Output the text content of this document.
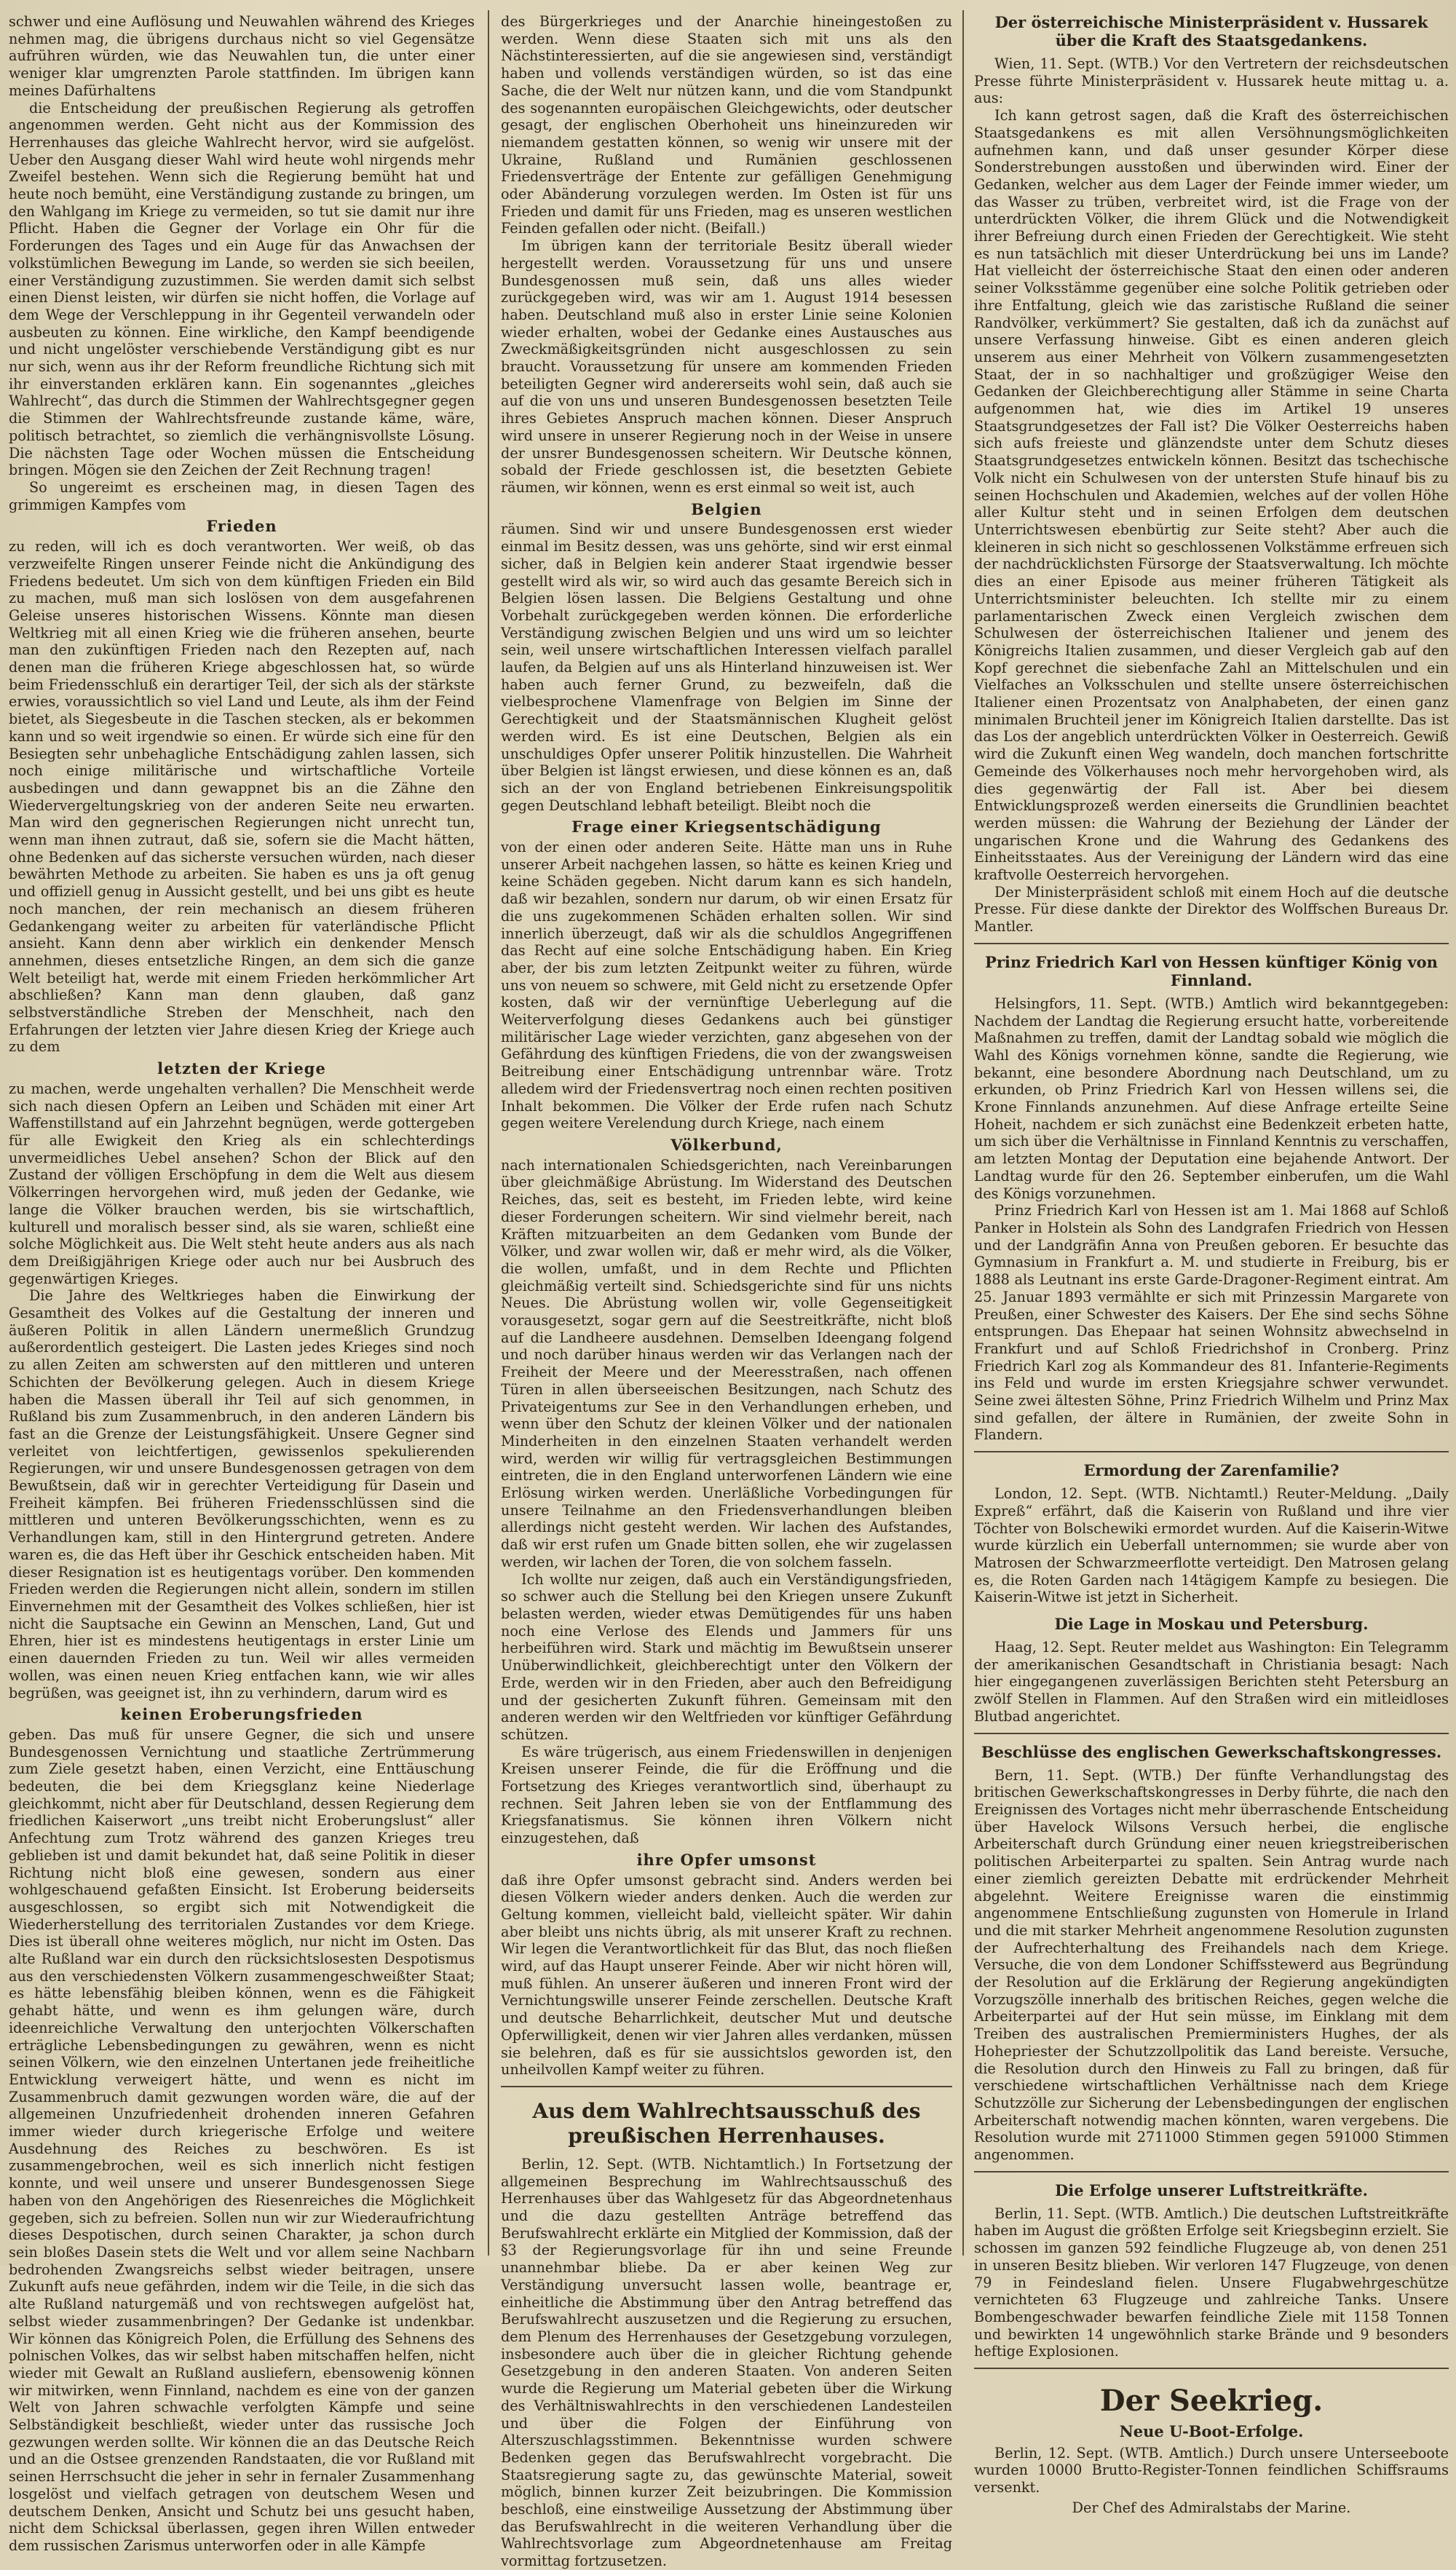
schwer und eine Auflösung und Neuwahlen während des Krieges nehmen mag, die übrigens durchaus nicht so viel Gegensätze aufrühren würden, wie das Neuwahlen tun, die unter einer weniger klar umgrenzten Parole stattfinden. Im übrigen kann meines Dafürhaltens

die Entscheidung der preußischen Regierung als getroffen angenommen werden. Geht nicht aus der Kommission des Herrenhauses das gleiche Wahlrecht hervor, wird sie aufgelöst. Ueber den Ausgang dieser Wahl wird heute wohl nirgends mehr Zweifel bestehen. Wenn sich die Regierung bemüht hat und heute noch bemüht, eine Verständigung zustande zu bringen, um den Wahlgang im Kriege zu vermeiden, so tut sie damit nur ihre Pflicht. Haben die Gegner der Vorlage ein Ohr für die Forderungen des Tages und ein Auge für das Anwachsen der volkstümlichen Bewegung im Lande, so werden sie sich beeilen, einer Verständigung zuzustimmen. Sie werden damit sich selbst einen Dienst leisten, wir dürfen sie nicht hoffen, die Vorlage auf dem Wege der Verschleppung in ihr Gegenteil verwandeln oder ausbeuten zu können. Eine wirkliche, den Kampf beendigende und nicht ungelöster verschiebende Verständigung gibt es nur nur sich, wenn aus ihr der Reform freundliche Richtung sich mit ihr einverstanden erklären kann. Ein sogenanntes „gleiches Wahlrecht“, das durch die Stimmen der Wahlrechtsgegner gegen die Stimmen der Wahlrechtsfreunde zustande käme, wäre, politisch betrachtet, so ziemlich die verhängnisvollste Lösung. Die nächsten Tage oder Wochen müssen die Entscheidung bringen. Mögen sie den Zeichen der Zeit Rechnung tragen!

So ungereimt es erscheinen mag, in diesen Tagen des grimmigen Kampfes vom

Frieden

zu reden, will ich es doch verantworten. Wer weiß, ob das verzweifelte Ringen unserer Feinde nicht die Ankündigung des Friedens bedeutet. Um sich von dem künftigen Frieden ein Bild zu machen, muß man sich loslösen von dem ausgefahrenen Geleise unseres historischen Wissens. Könnte man diesen Weltkrieg mit all einen Krieg wie die früheren ansehen, beurte man den zukünftigen Frieden nach den Rezepten auf, nach denen man die früheren Kriege abgeschlossen hat, so würde beim Friedensschluß ein derartiger Teil, der sich als der stärkste erwies, voraussichtlich so viel Land und Leute, als ihm der Feind bietet, als Siegesbeute in die Taschen stecken, als er bekommen kann und so weit irgendwie so einen. Er würde sich eine für den Besiegten sehr unbehagliche Entschädigung zahlen lassen, sich noch einige militärische und wirtschaftliche Vorteile ausbedingen und dann gewappnet bis an die Zähne den Wiedervergeltungskrieg von der anderen Seite neu erwarten. Man wird den gegnerischen Regierungen nicht unrecht tun, wenn man ihnen zutraut, daß sie, sofern sie die Macht hätten, ohne Bedenken auf das sicherste versuchen würden, nach dieser bewährten Methode zu arbeiten. Sie haben es uns ja oft genug und offiziell genug in Aussicht gestellt, und bei uns gibt es heute noch manchen, der rein mechanisch an diesem früheren Gedankengang weiter zu arbeiten für vaterländische Pflicht ansieht. Kann denn aber wirklich ein denkender Mensch annehmen, dieses entsetzliche Ringen, an dem sich die ganze Welt beteiligt hat, werde mit einem Frieden herkömmlicher Art abschließen? Kann man denn glauben, daß ganz selbstverständliche Streben der Menschheit, nach den Erfahrungen der letzten vier Jahre diesen Krieg der Kriege auch zu dem

letzten der Kriege

zu machen, werde ungehalten verhallen? Die Menschheit werde sich nach diesen Opfern an Leiben und Schäden mit einer Art Waffenstillstand auf ein Jahrzehnt begnügen, werde gottergeben für alle Ewigkeit den Krieg als ein schlechterdings unvermeidliches Uebel ansehen? Schon der Blick auf den Zustand der völligen Erschöpfung in dem die Welt aus diesem Völkerringen hervorgehen wird, muß jeden der Gedanke, wie lange die Völker brauchen werden, bis sie wirtschaftlich, kulturell und moralisch besser sind, als sie waren, schließt eine solche Möglichkeit aus. Die Welt steht heute anders aus als nach dem Dreißigjährigen Kriege oder auch nur bei Ausbruch des gegenwärtigen Krieges.

Die Jahre des Weltkrieges haben die Einwirkung der Gesamtheit des Volkes auf die Gestaltung der inneren und äußeren Politik in allen Ländern unermeßlich Grundzug außerordentlich gesteigert. Die Lasten jedes Krieges sind noch zu allen Zeiten am schwersten auf den mittleren und unteren Schichten der Bevölkerung gelegen. Auch in diesem Kriege haben die Massen überall ihr Teil auf sich genommen, in Rußland bis zum Zusammenbruch, in den anderen Ländern bis fast an die Grenze der Leistungsfähigkeit. Unsere Gegner sind verleitet von leichtfertigen, gewissenlos spekulierenden Regierungen, wir und unsere Bundesgenossen getragen von dem Bewußtsein, daß wir in gerechter Verteidigung für Dasein und Freiheit kämpfen. Bei früheren Friedensschlüssen sind die mittleren und unteren Bevölkerungsschichten, wenn es zu Verhandlungen kam, still in den Hintergrund getreten. Andere waren es, die das Heft über ihr Geschick entscheiden haben. Mit dieser Resignation ist es heutigentags vorüber. Den kommenden Frieden werden die Regierungen nicht allein, sondern im stillen Einvernehmen mit der Gesamtheit des Volkes schließen, hier ist nicht die Sauptsache ein Gewinn an Menschen, Land, Gut und Ehren, hier ist es mindestens heutigentags in erster Linie um einen dauernden Frieden zu tun. Weil wir alles vermeiden wollen, was einen neuen Krieg entfachen kann, wie wir alles begrüßen, was geeignet ist, ihn zu verhindern, darum wird es

keinen Eroberungsfrieden

geben. Das muß für unsere Gegner, die sich und unsere Bundesgenossen Vernichtung und staatliche Zertrümmerung zum Ziele gesetzt haben, einen Verzicht, eine Enttäuschung bedeuten, die bei dem Kriegsglanz keine Niederlage gleichkommt, nicht aber für Deutschland, dessen Regierung dem friedlichen Kaiserwort „uns treibt nicht Eroberungslust“ aller Anfechtung zum Trotz während des ganzen Krieges treu geblieben ist und damit bekundet hat, daß seine Politik in dieser Richtung nicht bloß eine gewesen, sondern aus einer wohlgeschauend gefaßten Einsicht. Ist Eroberung beiderseits ausgeschlossen, so ergibt sich mit Notwendigkeit die Wiederherstellung des territorialen Zustandes vor dem Kriege. Dies ist überall ohne weiteres möglich, nur nicht im Osten. Das alte Rußland war ein durch den rücksichtslosesten Despotismus aus den verschiedensten Völkern zusammengeschweißter Staat; es hätte lebensfähig bleiben können, wenn es die Fähigkeit gehabt hätte, und wenn es ihm gelungen wäre, durch ideenreichliche Verwaltung den unterjochten Völkerschaften erträgliche Lebensbedingungen zu gewähren, wenn es nicht seinen Völkern, wie den einzelnen Untertanen jede freiheitliche Entwicklung verweigert hätte, und wenn es nicht im Zusammenbruch damit gezwungen worden wäre, die auf der allgemeinen Unzufriedenheit drohenden inneren Gefahren immer wieder durch kriegerische Erfolge und weitere Ausdehnung des Reiches zu beschwören. Es ist zusammengebrochen, weil es sich innerlich nicht festigen konnte, und weil unsere und unserer Bundesgenossen Siege haben von den Angehörigen des Riesenreiches die Möglichkeit gegeben, sich zu befreien. Sollen nun wir zur Wiederaufrichtung dieses Despotischen, durch seinen Charakter, ja schon durch sein bloßes Dasein stets die Welt und vor allem seine Nachbarn bedrohenden Zwangsreichs selbst wieder beitragen, unsere Zukunft aufs neue gefährden, indem wir die Teile, in die sich das alte Rußland naturgemäß und von rechtswegen aufgelöst hat, selbst wieder zusammenbringen? Der Gedanke ist undenkbar. Wir können das Königreich Polen, die Erfüllung des Sehnens des polnischen Volkes, das wir selbst haben mitschaffen helfen, nicht wieder mit Gewalt an Rußland ausliefern, ebensowenig können wir mitwirken, wenn Finnland, nachdem es eine von der ganzen Welt von Jahren schwachle verfolgten Kämpfe und seine Selbständigkeit beschließt, wieder unter das russische Joch gezwungen werden sollte. Wir können die an das Deutsche Reich und an die Ostsee grenzenden Randstaaten, die vor Rußland mit seinen Herrschsucht die jeher in sehr in fernaler Zusammenhang losgelöst und vielfach getragen von deutschem Wesen und deutschem Denken, Ansicht und Schutz bei uns gesucht haben, nicht dem Schicksal überlassen, gegen ihren Willen entweder dem russischen Zarismus unterworfen oder in alle Kämpfe

des Bürgerkrieges und der Anarchie hineingestoßen zu werden. Wenn diese Staaten sich mit uns als den Nächstinteressierten, auf die sie angewiesen sind, verständigt haben und vollends verständigen würden, so ist das eine Sache, die der Welt nur nützen kann, und die vom Standpunkt des sogenannten europäischen Gleichgewichts, oder deutscher gesagt, der englischen Oberhoheit uns hineinzureden wir niemandem gestatten können, so wenig wir unsere mit der Ukraine, Rußland und Rumänien geschlossenen Friedensverträge der Entente zur gefälligen Genehmigung oder Abänderung vorzulegen werden. Im Osten ist für uns Frieden und damit für uns Frieden, mag es unseren westlichen Feinden gefallen oder nicht. (Beifall.)

Im übrigen kann der territoriale Besitz überall wieder hergestellt werden. Voraussetzung für uns und unsere Bundesgenossen muß sein, daß uns alles wieder zurückgegeben wird, was wir am 1. August 1914 besessen haben. Deutschland muß also in erster Linie seine Kolonien wieder erhalten, wobei der Gedanke eines Austausches aus Zweckmäßigkeitsgründen nicht ausgeschlossen zu sein braucht. Voraussetzung für unsere am kommenden Frieden beteiligten Gegner wird andererseits wohl sein, daß auch sie auf die von uns und unseren Bundesgenossen besetzten Teile ihres Gebietes Anspruch machen können. Dieser Anspruch wird unsere in unserer Regierung noch in der Weise in unsere der unsrer Bundesgenossen scheitern. Wir Deutsche können, sobald der Friede geschlossen ist, die besetzten Gebiete räumen, wir können, wenn es erst einmal so weit ist, auch

Belgien

räumen. Sind wir und unsere Bundesgenossen erst wieder einmal im Besitz dessen, was uns gehörte, sind wir erst einmal sicher, daß in Belgien kein anderer Staat irgendwie besser gestellt wird als wir, so wird auch das gesamte Bereich sich in Belgien lösen lassen. Die Belgiens Gestaltung und ohne Vorbehalt zurückgegeben werden können. Die erforderliche Verständigung zwischen Belgien und uns wird um so leichter sein, weil unsere wirtschaftlichen Interessen vielfach parallel laufen, da Belgien auf uns als Hinterland hinzuweisen ist. Wer haben auch ferner Grund, zu bezweifeln, daß die vielbesprochene Vlamenfrage von Belgien im Sinne der Gerechtigkeit und der Staatsmännischen Klugheit gelöst werden wird. Es ist eine Deutschen, Belgien als ein unschuldiges Opfer unserer Politik hinzustellen. Die Wahrheit über Belgien ist längst erwiesen, und diese können es an, daß sich an der von England betriebenen Einkreisungspolitik gegen Deutschland lebhaft beteiligt. Bleibt noch die

Frage einer Kriegsentschädigung

von der einen oder anderen Seite. Hätte man uns in Ruhe unserer Arbeit nachgehen lassen, so hätte es keinen Krieg und keine Schäden gegeben. Nicht darum kann es sich handeln, daß wir bezahlen, sondern nur darum, ob wir einen Ersatz für die uns zugekommenen Schäden erhalten sollen. Wir sind innerlich überzeugt, daß wir als die schuldlos Angegriffenen das Recht auf eine solche Entschädigung haben. Ein Krieg aber, der bis zum letzten Zeitpunkt weiter zu führen, würde uns von neuem so schwere, mit Geld nicht zu ersetzende Opfer kosten, daß wir der vernünftige Ueberlegung auf die Weiterverfolgung dieses Gedankens auch bei günstiger militärischer Lage wieder verzichten, ganz abgesehen von der Gefährdung des künftigen Friedens, die von der zwangsweisen Beitreibung einer Entschädigung untrennbar wäre. Trotz alledem wird der Friedensvertrag noch einen rechten positiven Inhalt bekommen. Die Völker der Erde rufen nach Schutz gegen weitere Verelendung durch Kriege, nach einem

Völkerbund,

nach internationalen Schiedsgerichten, nach Vereinbarungen über gleichmäßige Abrüstung. Im Widerstand des Deutschen Reiches, das, seit es besteht, im Frieden lebte, wird keine dieser Forderungen scheitern. Wir sind vielmehr bereit, nach Kräften mitzuarbeiten an dem Gedanken vom Bunde der Völker, und zwar wollen wir, daß er mehr wird, als die Völker, die wollen, umfaßt, und in dem Rechte und Pflichten gleichmäßig verteilt sind. Schiedsgerichte sind für uns nichts Neues. Die Abrüstung wollen wir, volle Gegenseitigkeit vorausgesetzt, sogar gern auf die Seestreitkräfte, nicht bloß auf die Landheere ausdehnen. Demselben Ideengang folgend und noch darüber hinaus werden wir das Verlangen nach der Freiheit der Meere und der Meeresstraßen, nach offenen Türen in allen überseeischen Besitzungen, nach Schutz des Privateigentums zur See in den Verhandlungen erheben, und wenn über den Schutz der kleinen Völker und der nationalen Minderheiten in den einzelnen Staaten verhandelt werden wird, werden wir willig für vertragsgleichen Bestimmungen eintreten, die in den England unterworfenen Ländern wie eine Erlösung wirken werden. Unerläßliche Vorbedingungen für unsere Teilnahme an den Friedensverhandlungen bleiben allerdings nicht gesteht werden. Wir lachen des Aufstandes, daß wir erst rufen um Gnade bitten sollen, ehe wir zugelassen werden, wir lachen der Toren, die von solchem fasseln.

Ich wollte nur zeigen, daß auch ein Verständigungsfrieden, so schwer auch die Stellung bei den Kriegen unsere Zukunft belasten werden, wieder etwas Demütigendes für uns haben noch eine Verlose des Elends und Jammers für uns herbeiführen wird. Stark und mächtig im Bewußtsein unserer Unüberwindlichkeit, gleichberechtigt unter den Völkern der Erde, werden wir in den Frieden, aber auch den Befreidigung und der gesicherten Zukunft führen. Gemeinsam mit den anderen werden wir den Weltfrieden vor künftiger Gefährdung schützen.

Es wäre trügerisch, aus einem Friedenswillen in denjenigen Kreisen unserer Feinde, die für die Eröffnung und die Fortsetzung des Krieges verantwortlich sind, überhaupt zu rechnen. Seit Jahren leben sie von der Entflammung des Kriegsfanatismus. Sie können ihren Völkern nicht einzugestehen, daß

ihre Opfer umsonst

daß ihre Opfer umsonst gebracht sind. Anders werden bei diesen Völkern wieder anders denken. Auch die werden zur Geltung kommen, vielleicht bald, vielleicht später. Wir dahin aber bleibt uns nichts übrig, als mit unserer Kraft zu rechnen. Wir legen die Verantwortlichkeit für das Blut, das noch fließen wird, auf das Haupt unserer Feinde. Aber wir nicht hören will, muß fühlen. An unserer äußeren und inneren Front wird der Vernichtungswille unserer Feinde zerschellen. Deutsche Kraft und deutsche Beharrlichkeit, deutscher Mut und deutsche Opferwilligkeit, denen wir vier Jahren alles verdanken, müssen sie belehren, daß es für sie aussichtslos geworden ist, den unheilvollen Kampf weiter zu führen.

Aus dem Wahlrechtsausschuß des preußischen Herrenhauses.

Berlin, 12. Sept. (WTB. Nichtamtlich.) In Fortsetzung der allgemeinen Besprechung im Wahlrechtsausschuß des Herrenhauses über das Wahlgesetz für das Abgeordnetenhaus und die dazu gestellten Anträge betreffend das Berufswahlrecht erklärte ein Mitglied der Kommission, daß der §3 der Regierungsvorlage für ihn und seine Freunde unannehmbar bliebe. Da er aber keinen Weg zur Verständigung unversucht lassen wolle, beantrage er, einheitliche die Abstimmung über den Antrag betreffend das Berufswahlrecht auszusetzen und die Regierung zu ersuchen, dem Plenum des Herrenhauses der Gesetzgebung vorzulegen, insbesondere auch über die in gleicher Richtung gehende Gesetzgebung in den anderen Staaten. Von anderen Seiten wurde die Regierung um Material gebeten über die Wirkung des Verhältniswahlrechts in den verschiedenen Landesteilen und über die Folgen der Einführung von Alterszuschlagsstimmen. Bekenntnisse wurden schwere Bedenken gegen das Berufswahlrecht vorgebracht. Die Staatsregierung sagte zu, das gewünschte Material, soweit möglich, binnen kurzer Zeit beizubringen. Die Kommission beschloß, eine einstweilige Aussetzung der Abstimmung über das Berufswahlrecht in die weiteren Verhandlung über die Wahlrechtsvorlage zum Abgeordnetenhause am Freitag vormittag fortzusetzen.

Der österreichische Ministerpräsident v. Hussarek über die Kraft des Staatsgedankens.

Wien, 11. Sept. (WTB.) Vor den Vertretern der reichsdeutschen Presse führte Ministerpräsident v. Hussarek heute mittag u. a. aus:

Ich kann getrost sagen, daß die Kraft des österreichischen Staatsgedankens es mit allen Versöhnungsmöglichkeiten aufnehmen kann, und daß unser gesunder Körper diese Sonderstrebungen ausstoßen und überwinden wird. Einer der Gedanken, welcher aus dem Lager der Feinde immer wieder, um das Wasser zu trüben, verbreitet wird, ist die Frage von der unterdrückten Völker, die ihrem Glück und die Notwendigkeit ihrer Befreiung durch einen Frieden der Gerechtigkeit. Wie steht es nun tatsächlich mit dieser Unterdrückung bei uns im Lande? Hat vielleicht der österreichische Staat den einen oder anderen seiner Volksstämme gegenüber eine solche Politik getrieben oder ihre Entfaltung, gleich wie das zaristische Rußland die seiner Randvölker, verkümmert? Sie gestalten, daß ich da zunächst auf unsere Verfassung hinweise. Gibt es einen anderen gleich unserem aus einer Mehrheit von Völkern zusammengesetzten Staat, der in so nachhaltiger und großzügiger Weise den Gedanken der Gleichberechtigung aller Stämme in seine Charta aufgenommen hat, wie dies im Artikel 19 unseres Staatsgrundgesetzes der Fall ist? Die Völker Oesterreichs haben sich aufs freieste und glänzendste unter dem Schutz dieses Staatsgrundgesetzes entwickeln können. Besitzt das tschechische Volk nicht ein Schulwesen von der untersten Stufe hinauf bis zu seinen Hochschulen und Akademien, welches auf der vollen Höhe aller Kultur steht und in seinen Erfolgen dem deutschen Unterrichtswesen ebenbürtig zur Seite steht? Aber auch die kleineren in sich nicht so geschlossenen Volkstämme erfreuen sich der nachdrücklichsten Fürsorge der Staatsverwaltung. Ich möchte dies an einer Episode aus meiner früheren Tätigkeit als Unterrichtsminister beleuchten. Ich stellte mir zu einem parlamentarischen Zweck einen Vergleich zwischen dem Schulwesen der österreichischen Italiener und jenem des Königreichs Italien zusammen, und dieser Vergleich gab auf den Kopf gerechnet die siebenfache Zahl an Mittelschulen und ein Vielfaches an Volksschulen und stellte unsere österreichischen Italiener einen Prozentsatz von Analphabeten, der einen ganz minimalen Bruchteil jener im Königreich Italien darstellte. Das ist das Los der angeblich unterdrückten Völker in Oesterreich. Gewiß wird die Zukunft einen Weg wandeln, doch manchen fortschritte Gemeinde des Völkerhauses noch mehr hervorgehoben wird, als dies gegenwärtig der Fall ist. Aber bei diesem Entwicklungsprozeß werden einerseits die Grundlinien beachtet werden müssen: die Wahrung der Beziehung der Länder der ungarischen Krone und die Wahrung des Gedankens des Einheitsstaates. Aus der Vereinigung der Ländern wird das eine kraftvolle Oesterreich hervorgehen.

Der Ministerpräsident schloß mit einem Hoch auf die deutsche Presse. Für diese dankte der Direktor des Wolffschen Bureaus Dr. Mantler.

Prinz Friedrich Karl von Hessen künftiger König von Finnland.

Helsingfors, 11. Sept. (WTB.) Amtlich wird bekanntgegeben: Nachdem der Landtag die Regierung ersucht hatte, vorbereitende Maßnahmen zu treffen, damit der Landtag sobald wie möglich die Wahl des Königs vornehmen könne, sandte die Regierung, wie bekannt, eine besondere Abordnung nach Deutschland, um zu erkunden, ob Prinz Friedrich Karl von Hessen willens sei, die Krone Finnlands anzunehmen. Auf diese Anfrage erteilte Seine Hoheit, nachdem er sich zunächst eine Bedenkzeit erbeten hatte, um sich über die Verhältnisse in Finnland Kenntnis zu verschaffen, am letzten Montag der Deputation eine bejahende Antwort. Der Landtag wurde für den 26. September einberufen, um die Wahl des Königs vorzunehmen.

Prinz Friedrich Karl von Hessen ist am 1. Mai 1868 auf Schloß Panker in Holstein als Sohn des Landgrafen Friedrich von Hessen und der Landgräfin Anna von Preußen geboren. Er besuchte das Gymnasium in Frankfurt a. M. und studierte in Freiburg, bis er 1888 als Leutnant ins erste Garde-Dragoner-Regiment eintrat. Am 25. Januar 1893 vermählte er sich mit Prinzessin Margarete von Preußen, einer Schwester des Kaisers. Der Ehe sind sechs Söhne entsprungen. Das Ehepaar hat seinen Wohnsitz abwechselnd in Frankfurt und auf Schloß Friedrichshof in Cronberg. Prinz Friedrich Karl zog als Kommandeur des 81. Infanterie-Regiments ins Feld und wurde im ersten Kriegsjahre schwer verwundet. Seine zwei ältesten Söhne, Prinz Friedrich Wilhelm und Prinz Max sind gefallen, der ältere in Rumänien, der zweite Sohn in Flandern.

Ermordung der Zarenfamilie?

London, 12. Sept. (WTB. Nichtamtl.) Reuter-Meldung. „Daily Expreß“ erfährt, daß die Kaiserin von Rußland und ihre vier Töchter von Bolschewiki ermordet wurden. Auf die Kaiserin-Witwe wurde kürzlich ein Ueberfall unternommen; sie wurde aber von Matrosen der Schwarzmeerflotte verteidigt. Den Matrosen gelang es, die Roten Garden nach 14tägigem Kampfe zu besiegen. Die Kaiserin-Witwe ist jetzt in Sicherheit.

Die Lage in Moskau und Petersburg.

Haag, 12. Sept. Reuter meldet aus Washington: Ein Telegramm der amerikanischen Gesandtschaft in Christiania besagt: Nach hier eingegangenen zuverlässigen Berichten steht Petersburg an zwölf Stellen in Flammen. Auf den Straßen wird ein mitleidloses Blutbad angerichtet.

Beschlüsse des englischen Gewerkschaftskongresses.

Bern, 11. Sept. (WTB.) Der fünfte Verhandlungstag des britischen Gewerkschaftskongresses in Derby führte, die nach den Ereignissen des Vortages nicht mehr überraschende Entscheidung über Havelock Wilsons Versuch herbei, die englische Arbeiterschaft durch Gründung einer neuen kriegstreiberischen politischen Arbeiterpartei zu spalten. Sein Antrag wurde nach einer ziemlich gereizten Debatte mit erdrückender Mehrheit abgelehnt. Weitere Ereignisse waren die einstimmig angenommene Entschließung zugunsten von Homerule in Irland und die mit starker Mehrheit angenommene Resolution zugunsten der Aufrechterhaltung des Freihandels nach dem Kriege. Versuche, die von dem Londoner Schiffsstewerd aus Begründung der Resolution auf die Erklärung der Regierung angekündigten Vorzugszölle innerhalb des britischen Reiches, gegen welche die Arbeiterpartei auf der Hut sein müsse, im Einklang mit dem Treiben des australischen Premierministers Hughes, der als Hohepriester der Schutzzollpolitik das Land bereiste. Versuche, die Resolution durch den Hinweis zu Fall zu bringen, daß für verschiedene wirtschaftlichen Verhältnisse nach dem Kriege Schutzzölle zur Sicherung der Lebensbedingungen der englischen Arbeiterschaft notwendig machen könnten, waren vergebens. Die Resolution wurde mit 2711000 Stimmen gegen 591000 Stimmen angenommen.

Die Erfolge unserer Luftstreitkräfte.

Berlin, 11. Sept. (WTB. Amtlich.) Die deutschen Luftstreitkräfte haben im August die größten Erfolge seit Kriegsbeginn erzielt. Sie schossen im ganzen 592 feindliche Flugzeuge ab, von denen 251 in unseren Besitz blieben. Wir verloren 147 Flugzeuge, von denen 79 in Feindesland fielen. Unsere Flugabwehrgeschütze vernichteten 63 Flugzeuge und zahlreiche Tanks. Unsere Bombengeschwader bewarfen feindliche Ziele mit 1158 Tonnen und bewirkten 14 ungewöhnlich starke Brände und 9 besonders heftige Explosionen.

Der Seekrieg.
Neue U-Boot-Erfolge.

Berlin, 12. Sept. (WTB. Amtlich.) Durch unsere Unterseeboote wurden 10000 Brutto-Register-Tonnen feindlichen Schiffsraums versenkt.

Der Chef des Admiralstabs der Marine.
